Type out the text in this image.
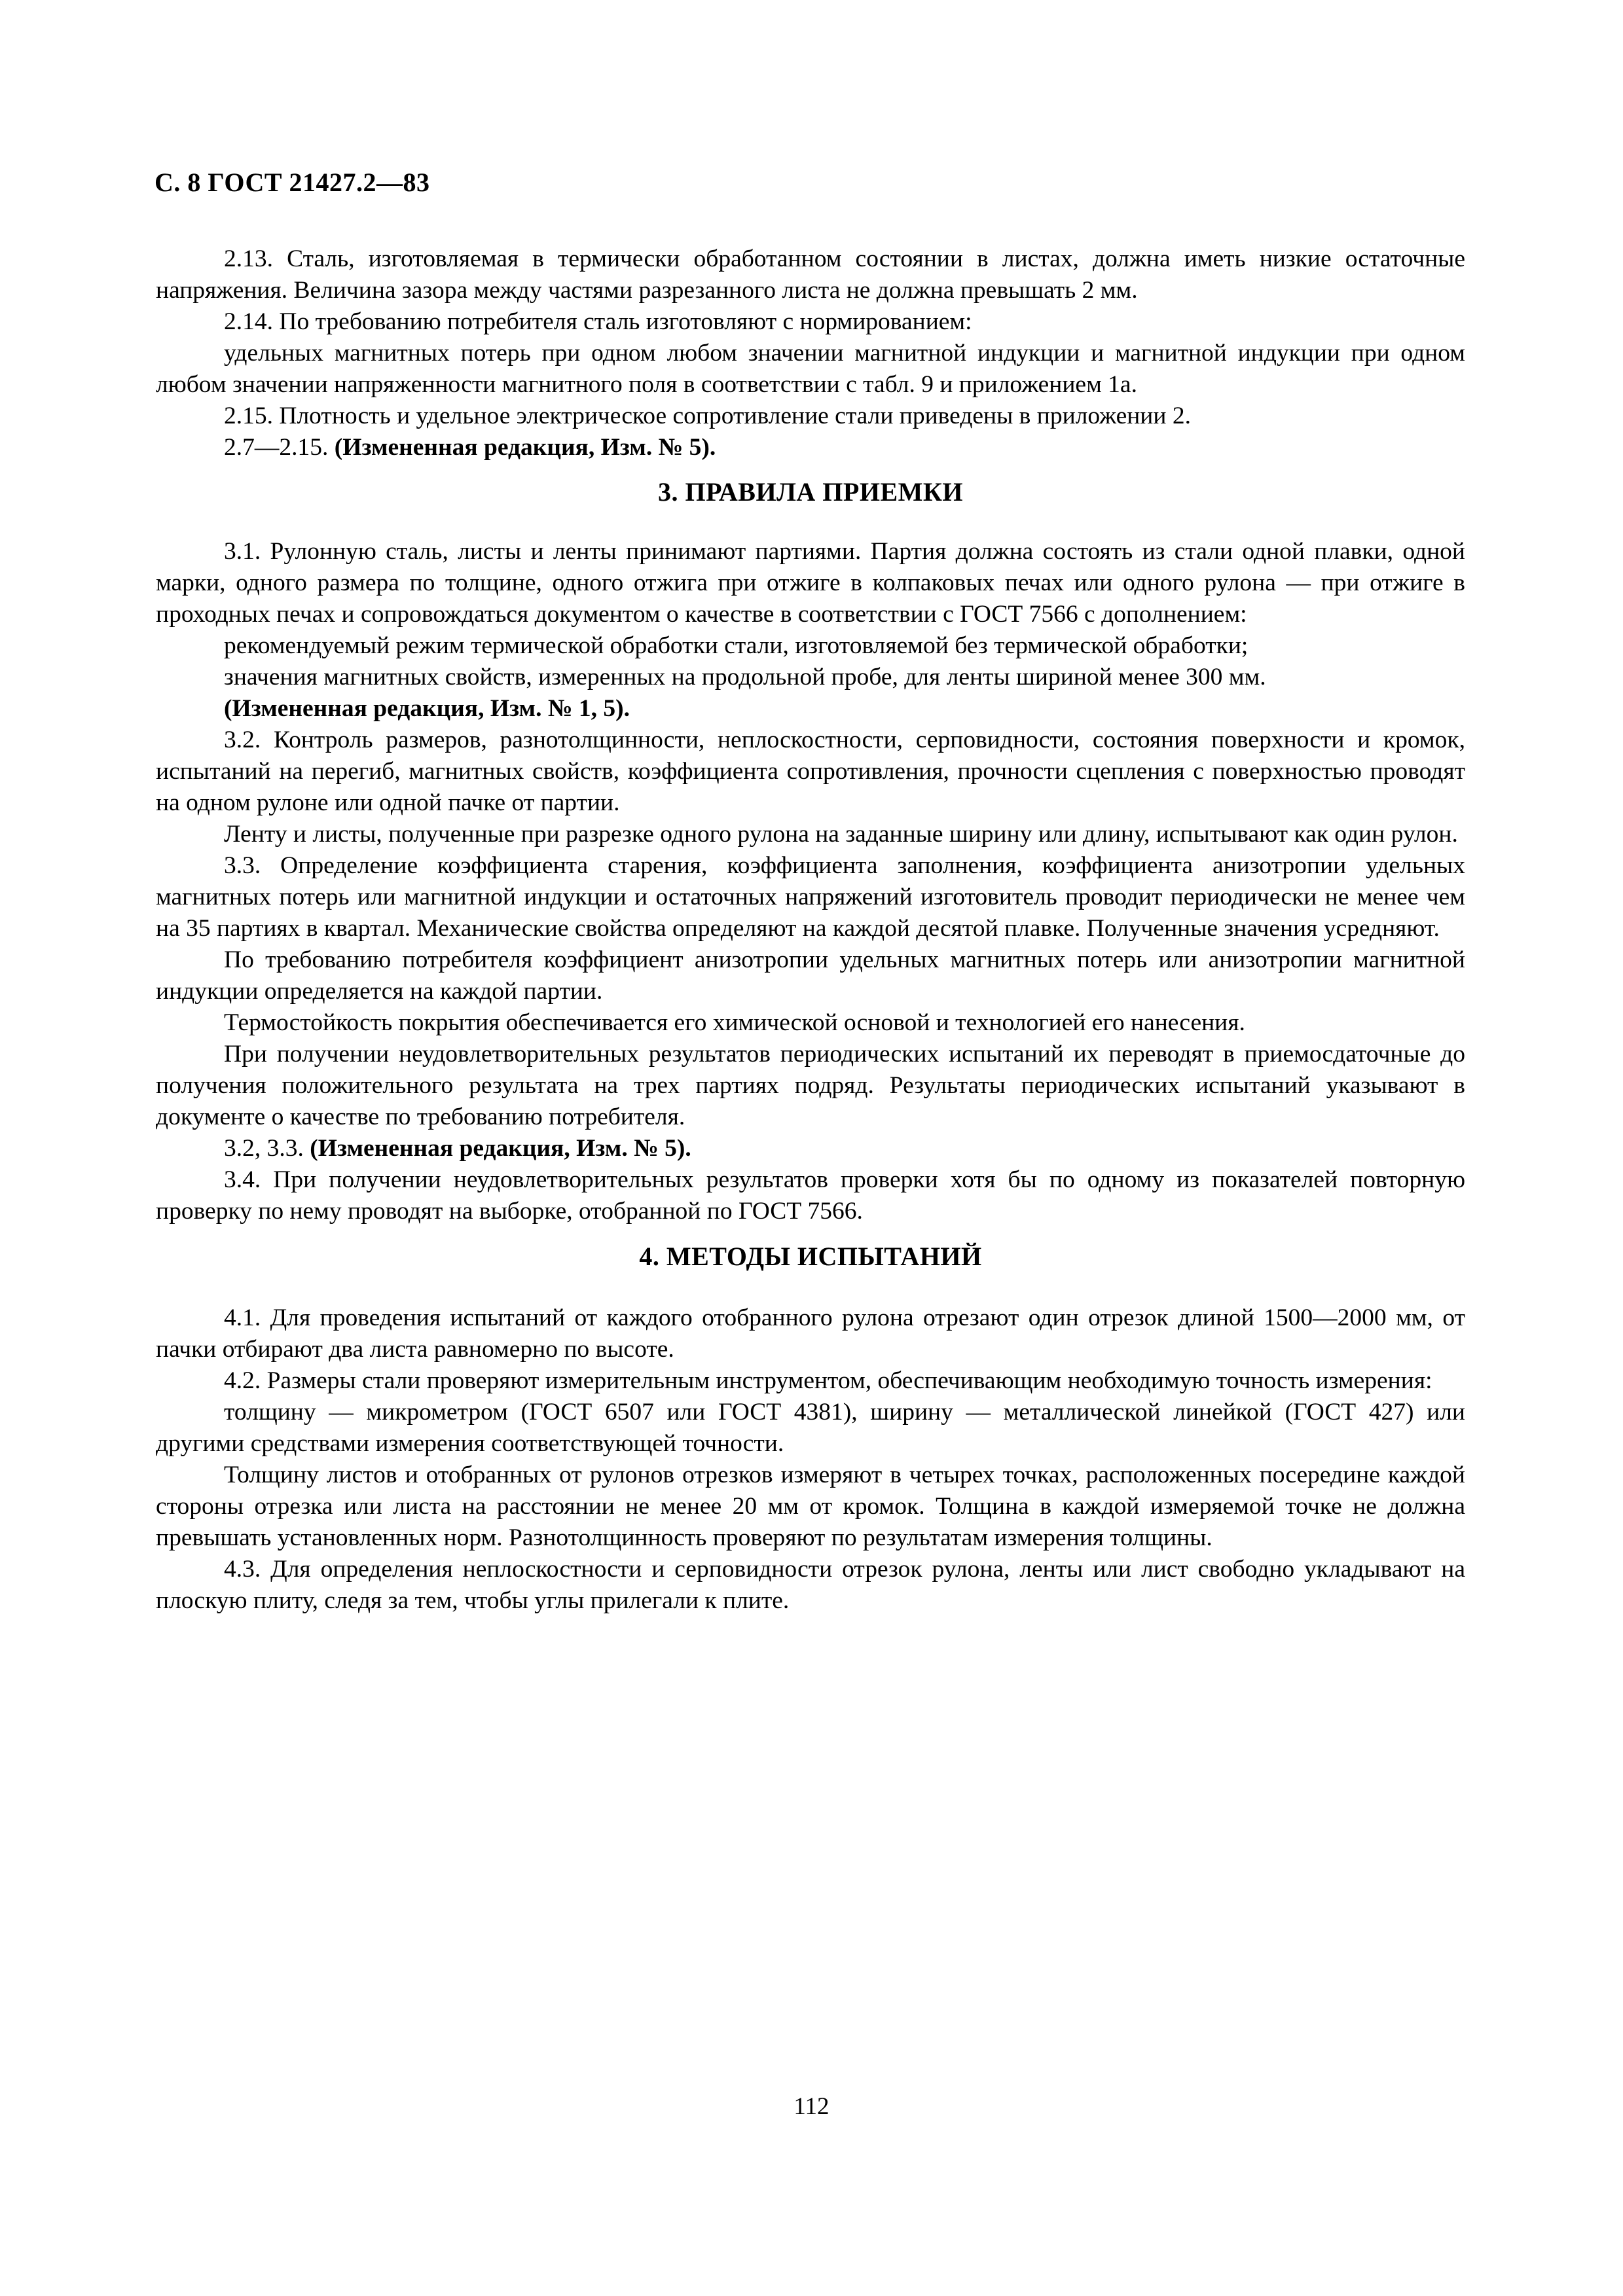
С. 8 ГОСТ 21427.2—83

2.13. Сталь, изготовляемая в термически обработанном состоянии в листах, должна иметь низкие остаточные напряжения. Величина зазора между частями разрезанного листа не должна превышать 2 мм.

2.14. По требованию потребителя сталь изготовляют с нормированием:

удельных магнитных потерь при одном любом значении магнитной индукции и магнитной индукции при одном любом значении напряженности магнитного поля в соответствии с табл. 9 и приложением 1а.

2.15. Плотность и удельное электрическое сопротивление стали приведены в приложении 2.

2.7—2.15. (Измененная редакция, Изм. № 5).

3. ПРАВИЛА ПРИЕМКИ

3.1. Рулонную сталь, листы и ленты принимают партиями. Партия должна состоять из стали одной плавки, одной марки, одного размера по толщине, одного отжига при отжиге в колпаковых печах или одного рулона — при отжиге в проходных печах и сопровождаться документом о качестве в соответствии с ГОСТ 7566 с дополнением:

рекомендуемый режим термической обработки стали, изготовляемой без термической обработки;

значения магнитных свойств, измеренных на продольной пробе, для ленты шириной менее 300 мм.

(Измененная редакция, Изм. № 1, 5).

3.2. Контроль размеров, разнотолщинности, неплоскостности, серповидности, состояния поверхности и кромок, испытаний на перегиб, магнитных свойств, коэффициента сопротивления, прочности сцепления с поверхностью проводят на одном рулоне или одной пачке от партии.

Ленту и листы, полученные при разрезке одного рулона на заданные ширину или длину, испытывают как один рулон.

3.3. Определение коэффициента старения, коэффициента заполнения, коэффициента анизотропии удельных магнитных потерь или магнитной индукции и остаточных напряжений изготовитель проводит периодически не менее чем на 35 партиях в квартал. Механические свойства определяют на каждой десятой плавке. Полученные значения усредняют.

По требованию потребителя коэффициент анизотропии удельных магнитных потерь или анизотропии магнитной индукции определяется на каждой партии.

Термостойкость покрытия обеспечивается его химической основой и технологией его нанесения.

При получении неудовлетворительных результатов периодических испытаний их переводят в приемосдаточные до получения положительного результата на трех партиях подряд. Результаты периодических испытаний указывают в документе о качестве по требованию потребителя.

3.2, 3.3. (Измененная редакция, Изм. № 5).

3.4. При получении неудовлетворительных результатов проверки хотя бы по одному из показателей повторную проверку по нему проводят на выборке, отобранной по ГОСТ 7566.

4. МЕТОДЫ ИСПЫТАНИЙ

4.1. Для проведения испытаний от каждого отобранного рулона отрезают один отрезок длиной 1500—2000 мм, от пачки отбирают два листа равномерно по высоте.

4.2. Размеры стали проверяют измерительным инструментом, обеспечивающим необходимую точность измерения:

толщину — микрометром (ГОСТ 6507 или ГОСТ 4381), ширину — металлической линейкой (ГОСТ 427) или другими средствами измерения соответствующей точности.

Толщину листов и отобранных от рулонов отрезков измеряют в четырех точках, расположенных посередине каждой стороны отрезка или листа на расстоянии не менее 20 мм от кромок. Толщина в каждой измеряемой точке не должна превышать установленных норм. Разнотолщинность проверяют по результатам измерения толщины.

4.3. Для определения неплоскостности и серповидности отрезок рулона, ленты или лист свободно укладывают на плоскую плиту, следя за тем, чтобы углы прилегали к плите.

112
